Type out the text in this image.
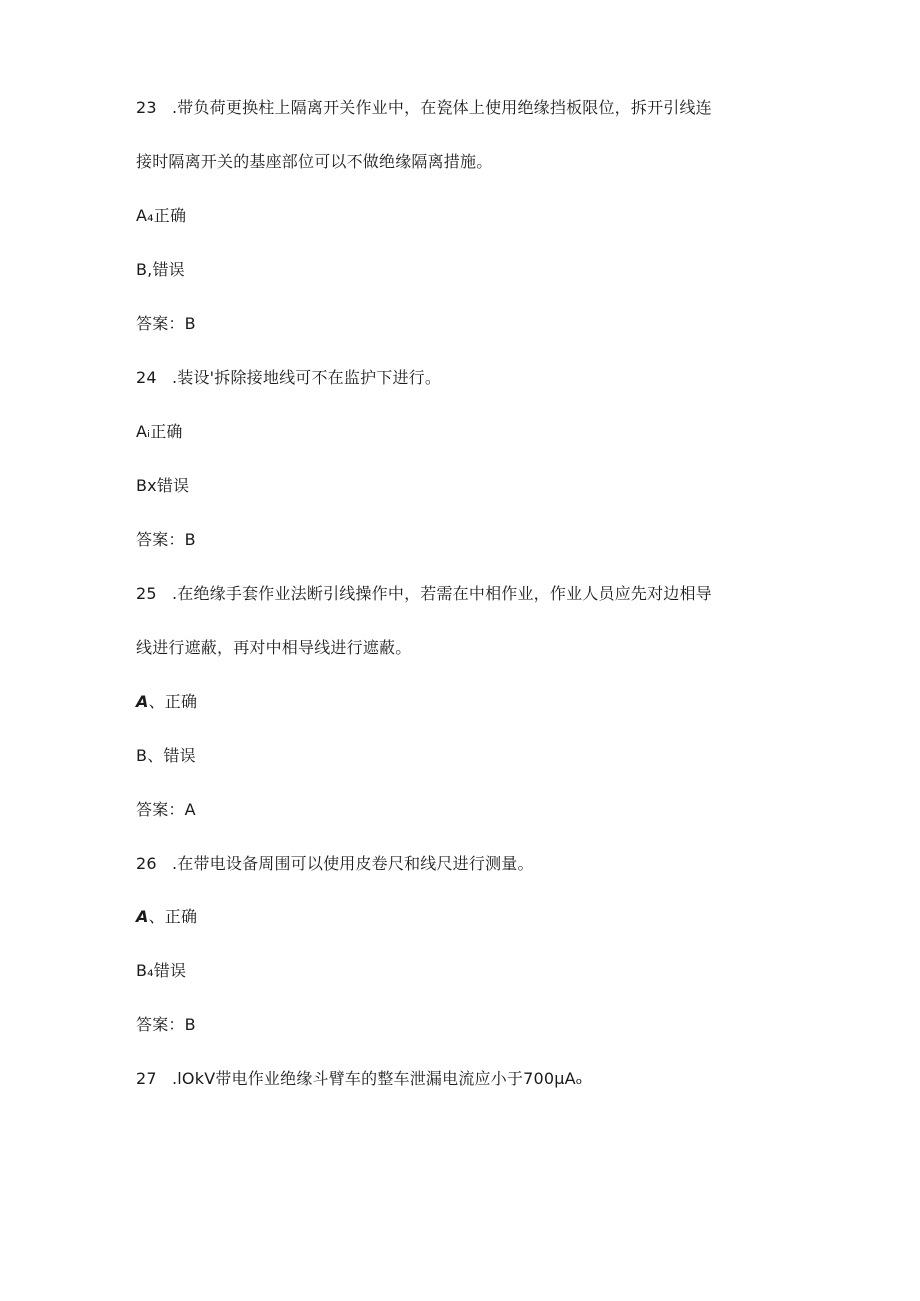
23 .带负荷更换柱上隔离开关作业中，在瓷体上使用绝缘挡板限位，拆开引线连
接时隔离开关的基座部位可以不做绝缘隔离措施。
A₄正确
B,错误
答案：B
24 .装设'拆除接地线可不在监护下进行。
Aᵢ正确
Bx错误
答案：B
25 .在绝缘手套作业法断引线操作中，若需在中相作业，作业人员应先对边相导
线进行遮蔽，再对中相导线进行遮蔽。
A、正确
B、错误
答案：A
26 .在带电设备周围可以使用皮卷尺和线尺进行测量。
A、正确
B₄错误
答案：B
27 .lOkV带电作业绝缘斗臂车的整车泄漏电流应小于700μAₒ
